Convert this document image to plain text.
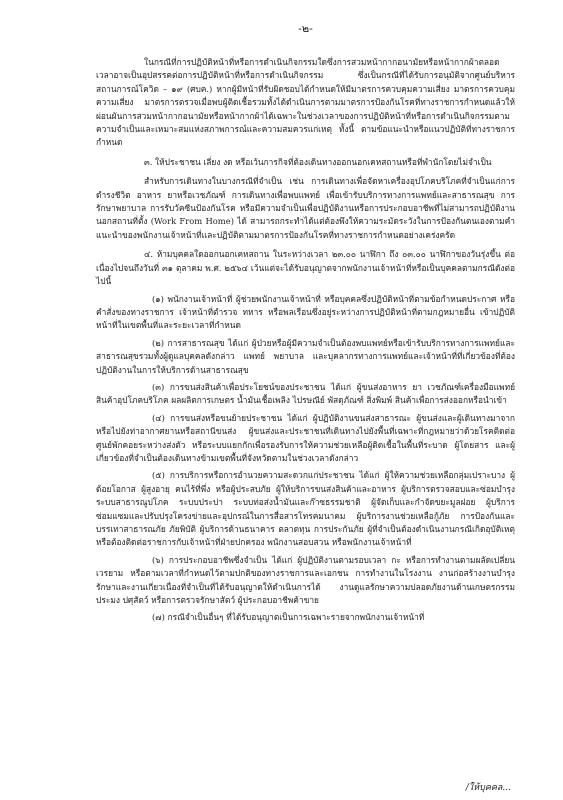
-๒-

ในกรณีที่การปฏิบัติหน้าที่หรือการดำเนินกิจกรรมใดซึ่งการสวมหน้ากากอนามัยหรือหน้ากากผ้าตลอดเวลาอาจเป็นอุปสรรคต่อการปฏิบัติหน้าที่หรือการดำเนินกิจกรรม ซึ่งเป็นกรณีที่ได้รับการอนุมัติจากศูนย์บริหารสถานการณ์โควิด – ๑๙ (ศบค.) หากผู้มีหน้าที่รับผิดชอบได้กำหนดให้มีมาตรการควบคุมความเสี่ยง มาตรการควบคุมความเสี่ยง มาตรการตรวจเมื่อพบผู้ติดเชื้อรวมทั้งได้ดำเนินการตามมาตรการป้องกันโรคที่ทางราชการกำหนดแล้วให้ผ่อนผันการสวมหน้ากากอนามัยหรือหน้ากากผ้าได้เฉพาะในช่วงเวลาของการปฏิบัติหน้าที่หรือการดำเนินกิจกรรมตามความจำเป็นและเหมาะสมแห่งสภาพการณ์และความสมควรแก่เหตุ ทั้งนี้ ตามข้อแนะนำหรือแนวปฏิบัติที่ทางราชการกำหนด

๓. ให้ประชาชน เลี่ยง งด หรือเว้นการกิจที่ต้องเดินทางออกนอกเคหสถานหรือที่พำนักโดยไม่จำเป็น

สำหรับการเดินทางในบางกรณีที่จำเป็น เช่น การเดินทางเพื่อจัดหาเครื่องอุปโภคบริโภคที่จำเป็นแก่การดำรงชีวิต อาหาร ยาหรือเวชภัณฑ์ การเดินทางเพื่อพบแพทย์ เพื่อเข้ารับบริการทางการแพทย์และสาธารณสุข การรักษาพยาบาล การรับวัคซีนป้องกันโรค หรือมีความจำเป็นเพื่อปฏิบัติงานหรือการประกอบอาชีพที่ไม่สามารถปฏิบัติงานนอกสถานที่ตั้ง (Work From Home) ได้ สามารถกระทำได้แต่ต้องพึงให้ความระมัดระวังในการป้องกันตนเองตามคำแนะนำของพนักงานเจ้าหน้าที่และปฏิบัติตามมาตรการป้องกันโรคที่ทางราชการกำหนดอย่างเคร่งครัด

๔. ห้ามบุคคลใดออกนอกเคหสถาน ในระหว่างเวลา ๒๓.๐๐ นาฬิกา ถึง ๐๓.๐๐ นาฬิกาของวันรุ่งขึ้น ต่อเนื่องไปจนถึงวันที่ ๓๑ ตุลาคม พ.ศ. ๒๕๖๔ เว้นแต่จะได้รับอนุญาตจากพนักงานเจ้าหน้าที่หรือเป็นบุคคลตามกรณีดังต่อไปนี้

(๑) พนักงานเจ้าหน้าที่ ผู้ช่วยพนักงานเจ้าหน้าที่ หรือบุคคลซึ่งปฏิบัติหน้าที่ตามข้อกำหนดประกาศ หรือคำสั่งของทางราชการ เจ้าหน้าที่ตำรวจ ทหาร หรือพลเรือนซึ่งอยู่ระหว่างการปฏิบัติหน้าที่ตามกฎหมายอื่น เข้าปฏิบัติหน้าที่ในเขตพื้นที่และระยะเวลาที่กำหนด

(๒) การสาธารณสุข ได้แก่ ผู้ป่วยหรือผู้มีความจำเป็นต้องพบแพทย์หรือเข้ารับบริการทางการแพทย์และสาธารณสุขรวมทั้งผู้ดูแลบุคคลดังกล่าว แพทย์ พยาบาล และบุคลากรทางการแพทย์และเจ้าหน้าที่ที่เกี่ยวข้องที่ต้องปฏิบัติงานในการให้บริการด้านสาธารณสุข

(๓) การขนส่งสินค้าเพื่อประโยชน์ของประชาชน ได้แก่ ผู้ขนส่งอาหาร ยา เวชภัณฑ์เครื่องมือแพทย์ สินค้าอุปโภคบริโภค ผลผลิตการเกษตร น้ำมันเชื้อเพลิง ไปรษณีย์ พัสดุภัณฑ์ สิ่งพิมพ์ สินค้าเพื่อการส่งออกหรือนำเข้า

(๔) การขนส่งหรือขนย้ายประชาชน ได้แก่ ผู้ปฏิบัติงานขนส่งสาธารณะ ผู้ขนส่งและผู้เดินทางมาจากหรือไปยังท่าอากาศยานหรือสถานีขนส่ง ผู้ขนส่งและประชาชนที่เดินทางไปยังพื้นที่เฉพาะที่กฎหมายว่าด้วยโรคติดต่อ ศูนย์พักคอยระหว่างส่งตัว หรือระบบแยกกักเพื่อรองรับการให้ความช่วยเหลือผู้ติดเชื้อในพื้นที่ระบาด ผู้โดยสาร และผู้เกี่ยวข้องที่จำเป็นต้องเดินทางข้ามเขตพื้นที่จังหวัดตามในช่วงเวลาดังกล่าว

(๕) การบริการหรือการอำนวยความสะดวกแก่ประชาชน ได้แก่ ผู้ให้ความช่วยเหลือกลุ่มเปราะบาง ผู้ด้อยโอกาส ผู้สูงอายุ คนไร้ที่พึ่ง หรือผู้ประสบภัย ผู้ให้บริการขนส่งสินค้าและอาหาร ผู้บริการตรวจสอบและซ่อมบำรุงระบบสาธารณูปโภค ระบบประปา ระบบท่อส่งน้ำมันและก๊าซธรรมชาติ ผู้จัดเก็บและกำจัดขยะมูลฝอย ผู้บริการซ่อมแซมและปรับปรุงโครงข่ายและอุปกรณ์ในการสื่อสารโทรคมนาคม ผู้บริการงานช่วยเหลือกู้ภัย การป้องกันและบรรเทาสาธารณภัย ภัยพิบัติ ผู้บริการด้านธนาคาร ตลาดทุน การประกันภัย ผู้ที่จำเป็นต้องดำเนินงานกรณีเกิดอุบัติเหตุ หรือต้องติดต่อราชการกับเจ้าหน้าที่ฝ่ายปกครอง พนักงานสอบสวน หรือพนักงานเจ้าหน้าที่

(๖) การประกอบอาชีพซึ่งจำเป็น ได้แก่ ผู้ปฏิบัติงานตามรอบเวลา กะ หรือการทำงานตามผลัดเปลี่ยนเวรยาม หรือตามเวลาที่กำหนดไว้ตามปกติของทางราชการและเอกชน การทำงานในโรงงาน งานก่อสร้างงานบำรุงรักษาและงานเกี่ยวเนื่องที่จำเป็นที่ได้รับอนุญาตให้ดำเนินการได้ งานดูแลรักษาความปลอดภัยงานด้านเกษตรกรรม ประมง ปศุสัตว์ หรือการตรวจรักษาสัตว์ ผู้ประกอบอาชีพค้าขาย

(๗) กรณีจำเป็นอื่นๆ ที่ได้รับอนุญาตเป็นการเฉพาะรายจากพนักงานเจ้าหน้าที่

/ให้บุคคล...
